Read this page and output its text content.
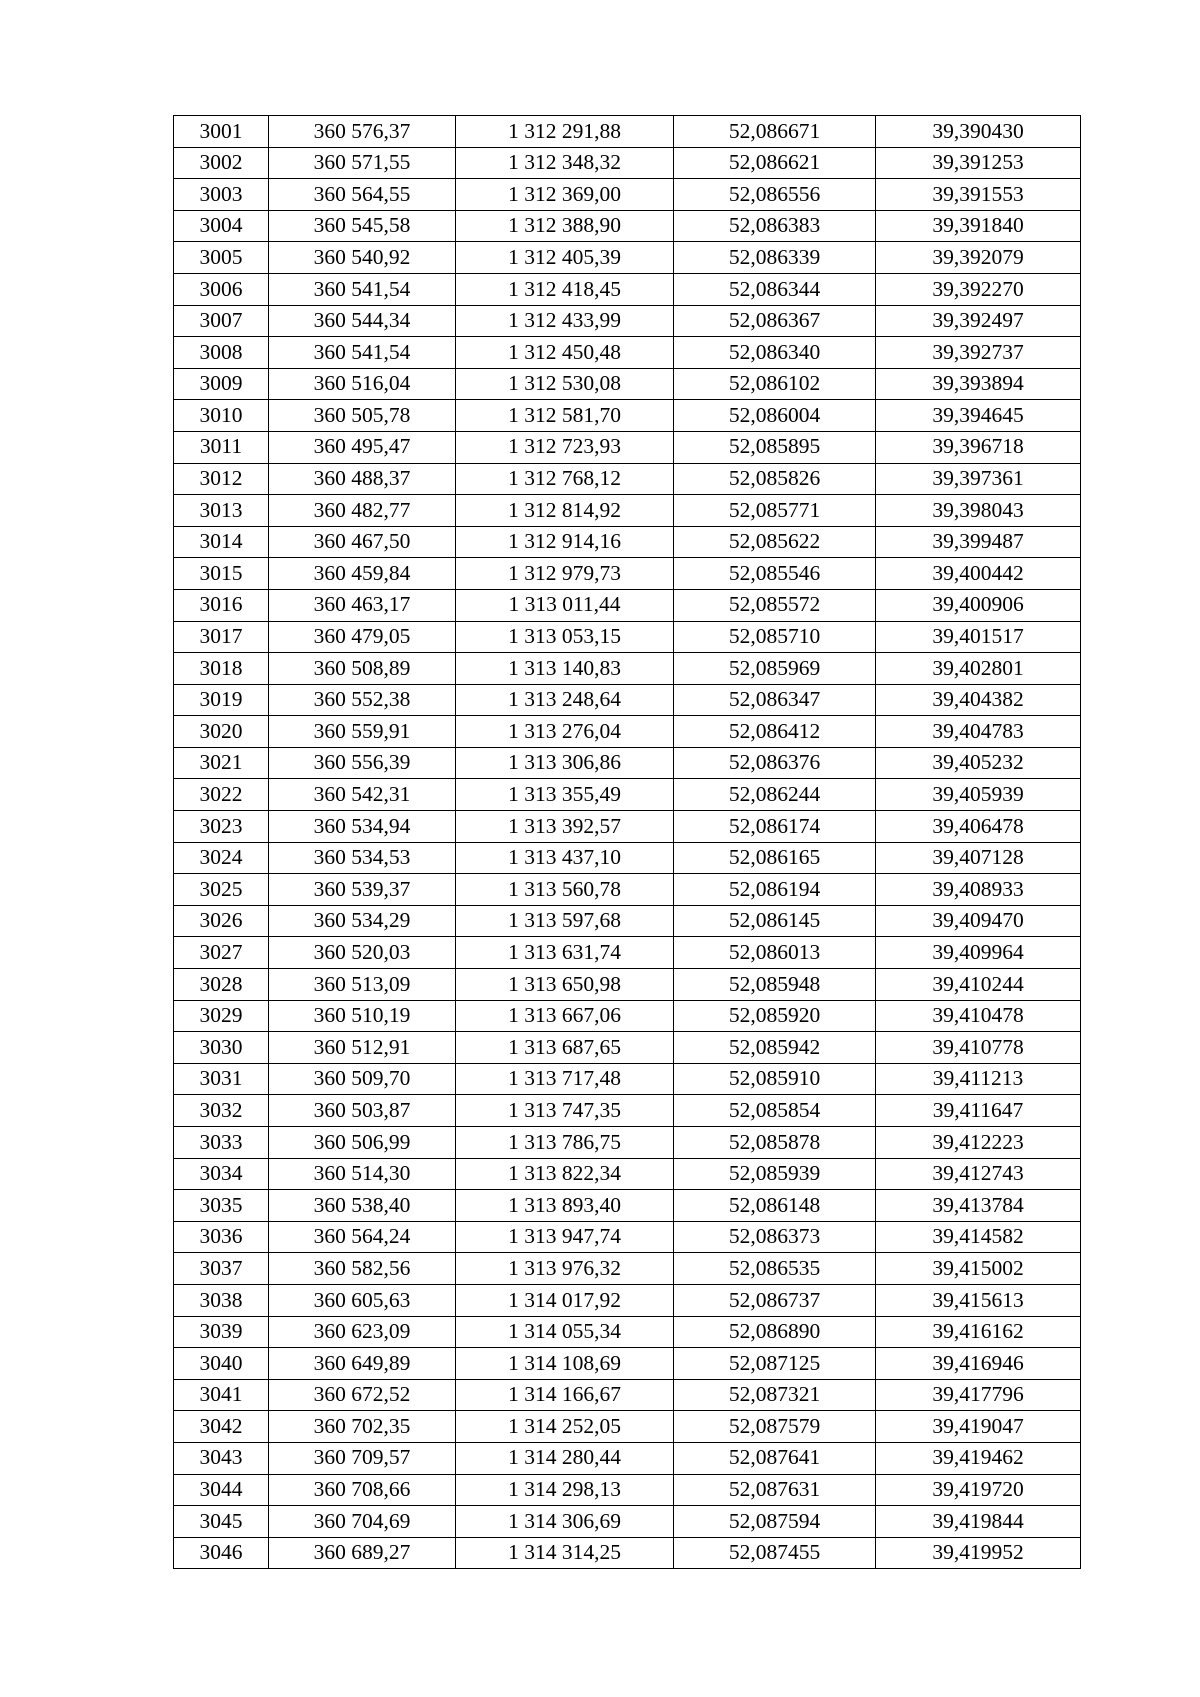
3001	360 576,37	1 312 291,88	52,086671	39,390430
3002	360 571,55	1 312 348,32	52,086621	39,391253
3003	360 564,55	1 312 369,00	52,086556	39,391553
3004	360 545,58	1 312 388,90	52,086383	39,391840
3005	360 540,92	1 312 405,39	52,086339	39,392079
3006	360 541,54	1 312 418,45	52,086344	39,392270
3007	360 544,34	1 312 433,99	52,086367	39,392497
3008	360 541,54	1 312 450,48	52,086340	39,392737
3009	360 516,04	1 312 530,08	52,086102	39,393894
3010	360 505,78	1 312 581,70	52,086004	39,394645
3011	360 495,47	1 312 723,93	52,085895	39,396718
3012	360 488,37	1 312 768,12	52,085826	39,397361
3013	360 482,77	1 312 814,92	52,085771	39,398043
3014	360 467,50	1 312 914,16	52,085622	39,399487
3015	360 459,84	1 312 979,73	52,085546	39,400442
3016	360 463,17	1 313 011,44	52,085572	39,400906
3017	360 479,05	1 313 053,15	52,085710	39,401517
3018	360 508,89	1 313 140,83	52,085969	39,402801
3019	360 552,38	1 313 248,64	52,086347	39,404382
3020	360 559,91	1 313 276,04	52,086412	39,404783
3021	360 556,39	1 313 306,86	52,086376	39,405232
3022	360 542,31	1 313 355,49	52,086244	39,405939
3023	360 534,94	1 313 392,57	52,086174	39,406478
3024	360 534,53	1 313 437,10	52,086165	39,407128
3025	360 539,37	1 313 560,78	52,086194	39,408933
3026	360 534,29	1 313 597,68	52,086145	39,409470
3027	360 520,03	1 313 631,74	52,086013	39,409964
3028	360 513,09	1 313 650,98	52,085948	39,410244
3029	360 510,19	1 313 667,06	52,085920	39,410478
3030	360 512,91	1 313 687,65	52,085942	39,410778
3031	360 509,70	1 313 717,48	52,085910	39,411213
3032	360 503,87	1 313 747,35	52,085854	39,411647
3033	360 506,99	1 313 786,75	52,085878	39,412223
3034	360 514,30	1 313 822,34	52,085939	39,412743
3035	360 538,40	1 313 893,40	52,086148	39,413784
3036	360 564,24	1 313 947,74	52,086373	39,414582
3037	360 582,56	1 313 976,32	52,086535	39,415002
3038	360 605,63	1 314 017,92	52,086737	39,415613
3039	360 623,09	1 314 055,34	52,086890	39,416162
3040	360 649,89	1 314 108,69	52,087125	39,416946
3041	360 672,52	1 314 166,67	52,087321	39,417796
3042	360 702,35	1 314 252,05	52,087579	39,419047
3043	360 709,57	1 314 280,44	52,087641	39,419462
3044	360 708,66	1 314 298,13	52,087631	39,419720
3045	360 704,69	1 314 306,69	52,087594	39,419844
3046	360 689,27	1 314 314,25	52,087455	39,419952
